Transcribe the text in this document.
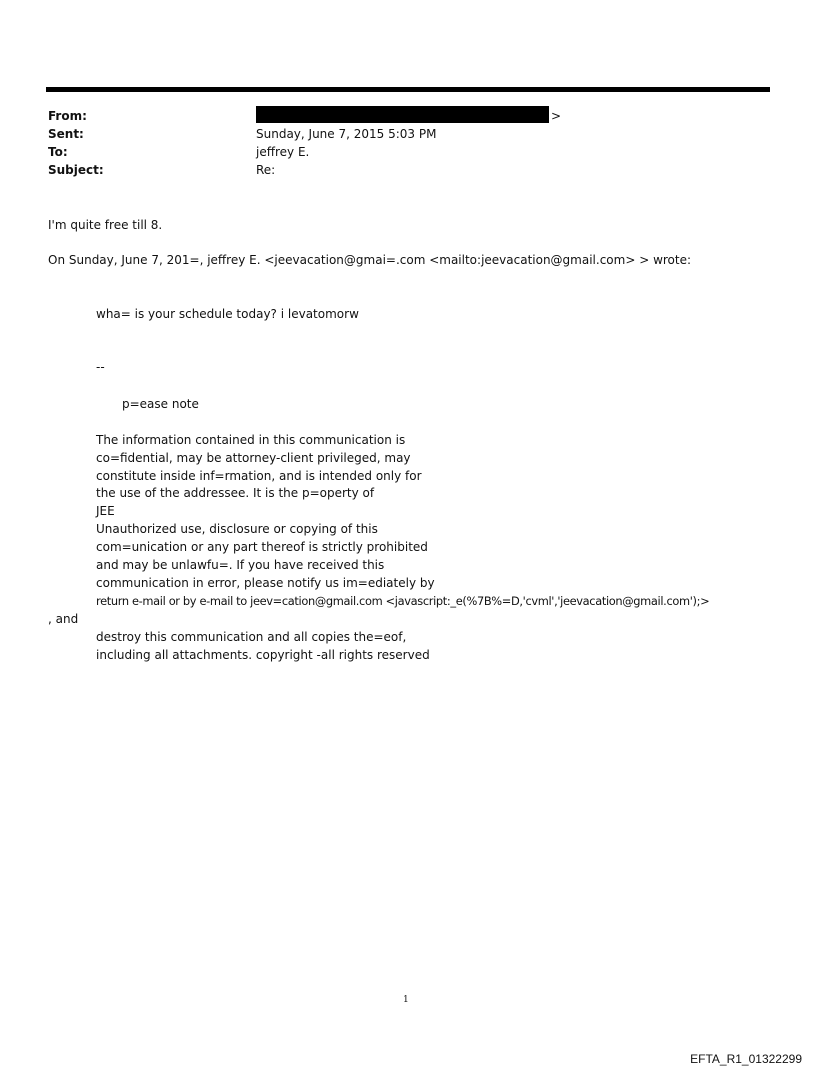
From:	>
Sent:	Sunday, June 7, 2015 5:03 PM
To:	jeffrey E.
Subject:	Re:
I'm quite free till 8.
On Sunday, June 7, 201=, jeffrey E. <jeevacation@gmai=.com <mailto:jeevacation@gmail.com> > wrote:
wha= is your schedule today? i levatomorw
--
p=ease note
The information contained in this communication is
co=fidential, may be attorney-client privileged, may
constitute inside inf=rmation, and is intended only for
the use of the addressee. It is the p=operty of
JEE
Unauthorized use, disclosure or copying of this
com=unication or any part thereof is strictly prohibited
and may be unlawfu=. If you have received this
communication in error, please notify us im=ediately by
return e-mail or by e-mail to jeev=cation@gmail.com <javascript:_e(%7B%=D,'cvml','jeevacation@gmail.com');>
, and
destroy this communication and all copies the=eof,
including all attachments. copyright -all rights reserved
1
EFTA_R1_01322299
